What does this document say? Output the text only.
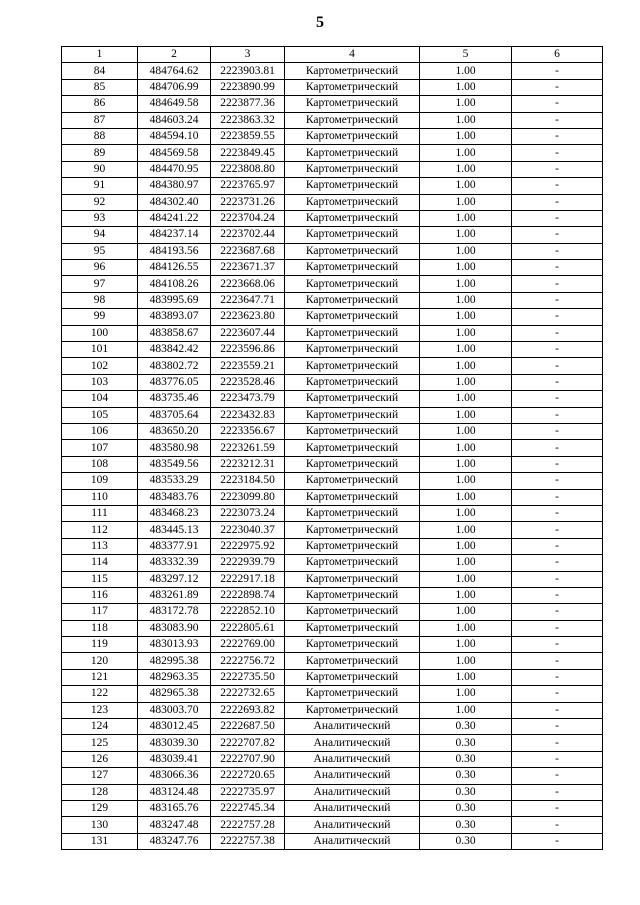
5
1	2	3	4	5	6
84	484764.62	2223903.81	Картометрический	1.00	-
85	484706.99	2223890.99	Картометрический	1.00	-
86	484649.58	2223877.36	Картометрический	1.00	-
87	484603.24	2223863.32	Картометрический	1.00	-
88	484594.10	2223859.55	Картометрический	1.00	-
89	484569.58	2223849.45	Картометрический	1.00	-
90	484470.95	2223808.80	Картометрический	1.00	-
91	484380.97	2223765.97	Картометрический	1.00	-
92	484302.40	2223731.26	Картометрический	1.00	-
93	484241.22	2223704.24	Картометрический	1.00	-
94	484237.14	2223702.44	Картометрический	1.00	-
95	484193.56	2223687.68	Картометрический	1.00	-
96	484126.55	2223671.37	Картометрический	1.00	-
97	484108.26	2223668.06	Картометрический	1.00	-
98	483995.69	2223647.71	Картометрический	1.00	-
99	483893.07	2223623.80	Картометрический	1.00	-
100	483858.67	2223607.44	Картометрический	1.00	-
101	483842.42	2223596.86	Картометрический	1.00	-
102	483802.72	2223559.21	Картометрический	1.00	-
103	483776.05	2223528.46	Картометрический	1.00	-
104	483735.46	2223473.79	Картометрический	1.00	-
105	483705.64	2223432.83	Картометрический	1.00	-
106	483650.20	2223356.67	Картометрический	1.00	-
107	483580.98	2223261.59	Картометрический	1.00	-
108	483549.56	2223212.31	Картометрический	1.00	-
109	483533.29	2223184.50	Картометрический	1.00	-
110	483483.76	2223099.80	Картометрический	1.00	-
111	483468.23	2223073.24	Картометрический	1.00	-
112	483445.13	2223040.37	Картометрический	1.00	-
113	483377.91	2222975.92	Картометрический	1.00	-
114	483332.39	2222939.79	Картометрический	1.00	-
115	483297.12	2222917.18	Картометрический	1.00	-
116	483261.89	2222898.74	Картометрический	1.00	-
117	483172.78	2222852.10	Картометрический	1.00	-
118	483083.90	2222805.61	Картометрический	1.00	-
119	483013.93	2222769.00	Картометрический	1.00	-
120	482995.38	2222756.72	Картометрический	1.00	-
121	482963.35	2222735.50	Картометрический	1.00	-
122	482965.38	2222732.65	Картометрический	1.00	-
123	483003.70	2222693.82	Картометрический	1.00	-
124	483012.45	2222687.50	Аналитический	0.30	-
125	483039.30	2222707.82	Аналитический	0.30	-
126	483039.41	2222707.90	Аналитический	0.30	-
127	483066.36	2222720.65	Аналитический	0.30	-
128	483124.48	2222735.97	Аналитический	0.30	-
129	483165.76	2222745.34	Аналитический	0.30	-
130	483247.48	2222757.28	Аналитический	0.30	-
131	483247.76	2222757.38	Аналитический	0.30	-
